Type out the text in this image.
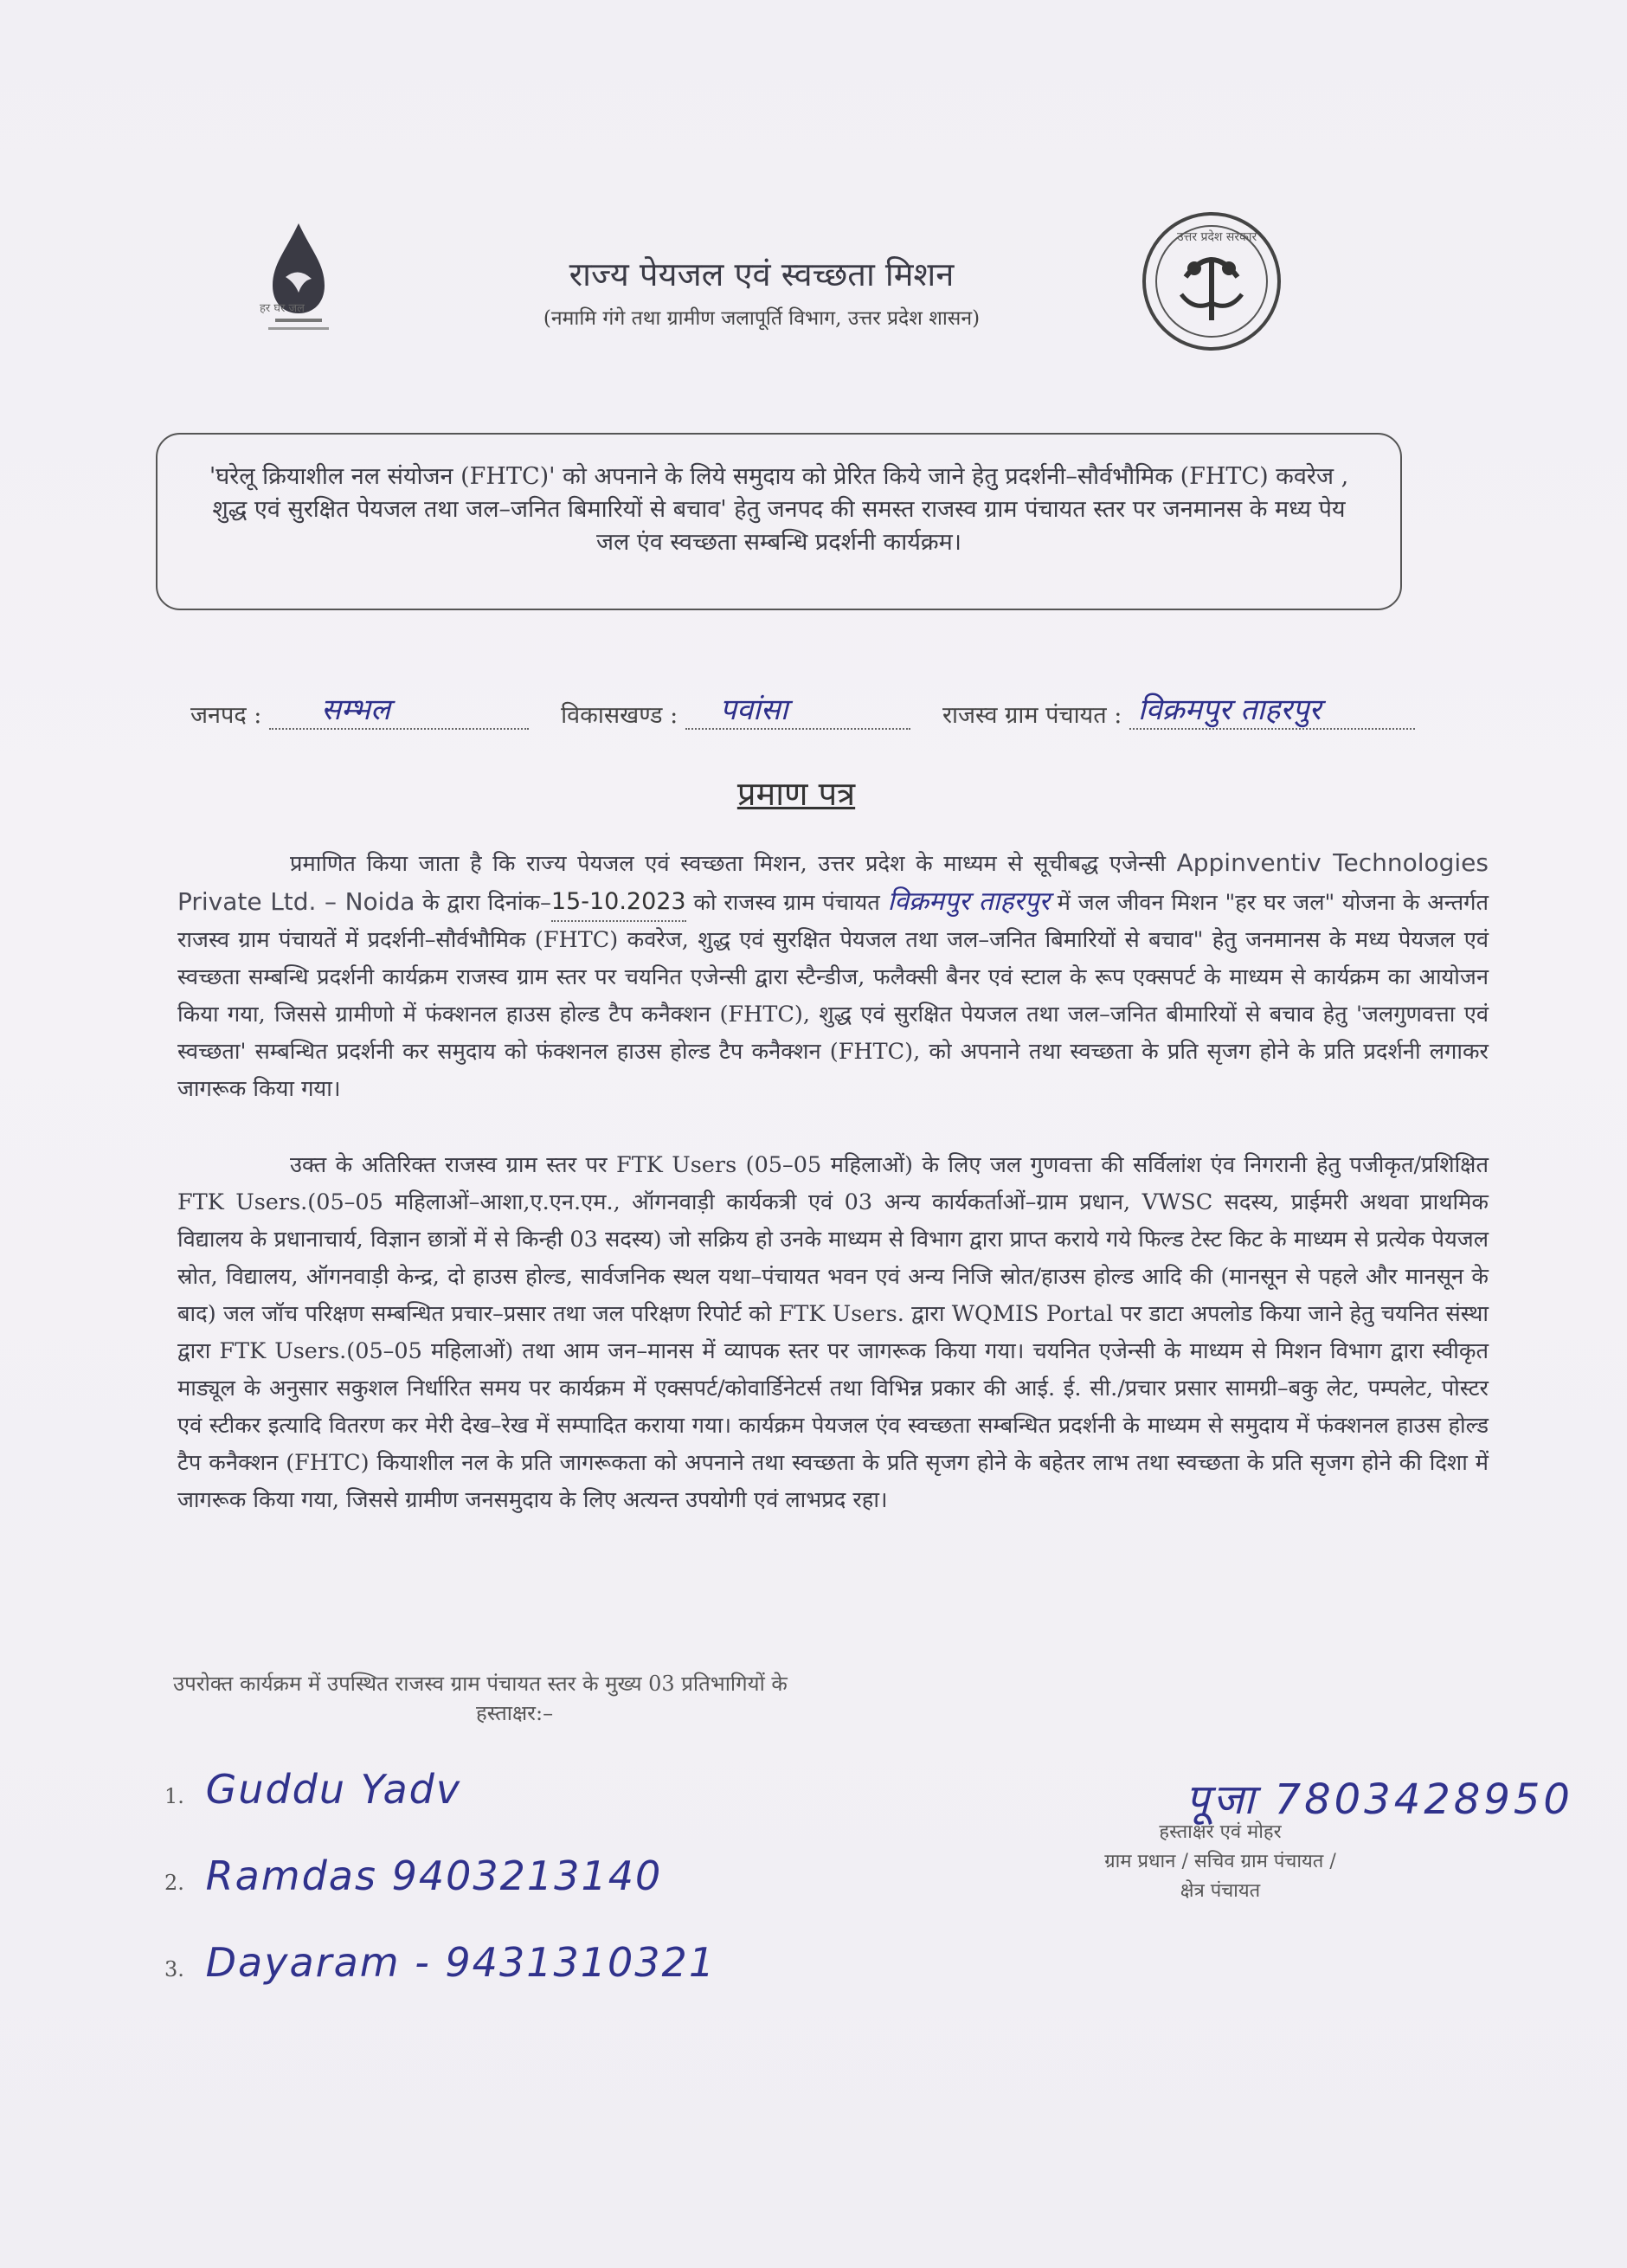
हर घर जल
उत्तर प्रदेश सरकार
राज्य पेयजल एवं स्वच्छता मिशन
(नमामि गंगे तथा ग्रामीण जलापूर्ति विभाग, उत्तर प्रदेश शासन)
'घरेलू क्रियाशील नल संयोजन (FHTC)' को अपनाने के लिये समुदाय को प्रेरित किये जाने हेतु प्रदर्शनी–सौर्वभौमिक (FHTC) कवरेज , शुद्ध एवं सुरक्षित पेयजल तथा जल–जनित बिमारियों से बचाव' हेतु जनपद की समस्त राजस्व ग्राम पंचायत स्तर पर जनमानस के मध्य पेय जल एंव स्वच्छता सम्बन्धि प्रदर्शनी कार्यक्रम।
जनपद : सम्भल	विकासखण्ड : पवांसा	राजस्व ग्राम पंचायत : विक्रमपुर ताहरपुर
प्रमाण पत्र
प्रमाणित किया जाता है कि राज्य पेयजल एवं स्वच्छता मिशन, उत्तर प्रदेश के माध्यम से सूचीबद्ध एजेन्सी Appinventiv Technologies Private Ltd. – Noida के द्वारा दिनांक–15-10.2023 को राजस्व ग्राम पंचायत विक्रमपुर ताहरपुर में जल जीवन मिशन "हर घर जल" योजना के अन्तर्गत राजस्व ग्राम पंचायतें में प्रदर्शनी–सौर्वभौमिक (FHTC) कवरेज, शुद्ध एवं सुरक्षित पेयजल तथा जल–जनित बिमारियों से बचाव" हेतु जनमानस के मध्य पेयजल एवं स्वच्छता सम्बन्धि प्रदर्शनी कार्यक्रम राजस्व ग्राम स्तर पर चयनित एजेन्सी द्वारा स्टैन्डीज, फलैक्सी बैनर एवं स्टाल के रूप एक्सपर्ट के माध्यम से कार्यक्रम का आयोजन किया गया, जिससे ग्रामीणो में फंक्शनल हाउस होल्ड टैप कनैक्शन (FHTC), शुद्ध एवं सुरक्षित पेयजल तथा जल–जनित बीमारियों से बचाव हेतु 'जलगुणवत्ता एवं स्वच्छता' सम्बन्धित प्रदर्शनी कर समुदाय को फंक्शनल हाउस होल्ड टैप कनैक्शन (FHTC), को अपनाने तथा स्वच्छता के प्रति सृजग होने के प्रति प्रदर्शनी लगाकर जागरूक किया गया।
उक्त के अतिरिक्त राजस्व ग्राम स्तर पर FTK Users (05–05 महिलाओं) के लिए जल गुणवत्ता की सर्विलांश एंव निगरानी हेतु पजीकृत/प्रशिक्षित FTK Users.(05–05 महिलाओं–आशा,ए.एन.एम., ऑगनवाड़ी कार्यकत्री एवं 03 अन्य कार्यकर्ताओं–ग्राम प्रधान, VWSC सदस्य, प्राईमरी अथवा प्राथमिक विद्यालय के प्रधानाचार्य, विज्ञान छात्रों में से किन्ही 03 सदस्य) जो सक्रिय हो उनके माध्यम से विभाग द्वारा प्राप्त कराये गये फिल्ड टेस्ट किट के माध्यम से प्रत्येक पेयजल स्रोत, विद्यालय, ऑगनवाड़ी केन्द्र, दो हाउस होल्ड, सार्वजनिक स्थल यथा–पंचायत भवन एवं अन्य निजि स्रोत/हाउस होल्ड आदि की (मानसून से पहले और मानसून के बाद) जल जॉच परिक्षण सम्बन्धित प्रचार–प्रसार तथा जल परिक्षण रिपोर्ट को FTK Users. द्वारा WQMIS Portal पर डाटा अपलोड किया जाने हेतु चयनित संस्था द्वारा FTK Users.(05–05 महिलाओं) तथा आम जन–मानस में व्यापक स्तर पर जागरूक किया गया। चयनित एजेन्सी के माध्यम से मिशन विभाग द्वारा स्वीकृत माड्यूल के अनुसार सकुशल निर्धारित समय पर कार्यक्रम में एक्सपर्ट/कोवार्डिनेटर्स तथा विभिन्न प्रकार की आई. ई. सी./प्रचार प्रसार सामग्री–बकु लेट, पम्पलेट, पोस्टर एवं स्टीकर इत्यादि वितरण कर मेरी देख–रेख में सम्पादित कराया गया। कार्यक्रम पेयजल एंव स्वच्छता सम्बन्धित प्रदर्शनी के माध्यम से समुदाय में फंक्शनल हाउस होल्ड टैप कनैक्शन (FHTC) कियाशील नल के प्रति जागरूकता को अपनाने तथा स्वच्छता के प्रति सृजग होने के बहेतर लाभ तथा स्वच्छता के प्रति सृजग होने की दिशा में जागरूक किया गया, जिससे ग्रामीण जनसमुदाय के लिए अत्यन्त उपयोगी एवं लाभप्रद रहा।
उपरोक्त कार्यक्रम में उपस्थित राजस्व ग्राम पंचायत स्तर के मुख्य 03 प्रतिभागियों के
हस्ताक्षर:–
1. Guddu Yadv
2. Ramdas 9403213140
3. Dayaram - 9431310321
पूजा 7803428950
हस्ताक्षर एवं मोहर
ग्राम प्रधान / सचिव ग्राम पंचायत /
क्षेत्र पंचायत
